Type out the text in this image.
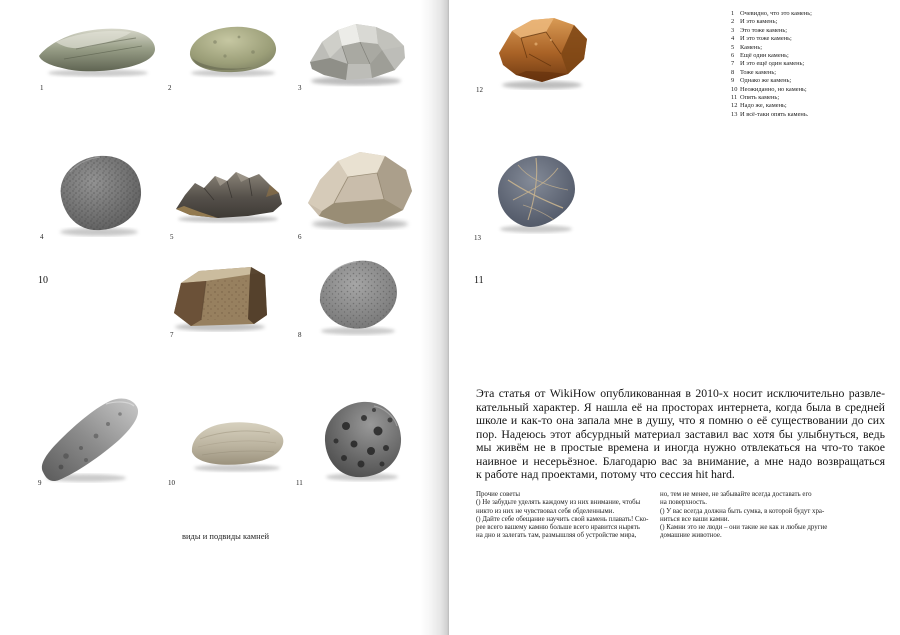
1	2	3
4	5	6
7	8
9	10	11
10
виды и подвиды камней
12
13
1 Очевидно, что это камень;
2 И это камень;
3 Это тоже камень;
4 И это тоже камень;
5 Камень;
6 Ещё один камень;
7 И это ещё один камень;
8 Тоже камень;
9 Однако же камень;
10 Неожиданно, но камень;
11 Опять камень;
12 Надо же, камень;
13 И всё-таки опять камень.
11
Эта статья от WikiHow опубликованная в 2010-х носит исключительно развле-
кательный характер. Я нашла её на просторах интернета, когда была в средней
школе и как-то она запала мне в душу, что я помню о её существовании до сих
пор. Надеюсь этот абсурдный материал заставил вас хотя бы улыбнуться, ведь
мы живём не в простые времена и иногда нужно отвлекаться на что-то такое
наивное и несерьёзное. Благодарю вас за внимание, а мне надо возвращаться
к работе над проектами, потому что сессия hit hard.
Прочие советы
() Не забудьте уделять каждому из них внимание, чтобы
никто из них не чувствовал себя обделенными.
() Дайте себе обещание научить свой камень плавать! Ско-
рее всего вашему камню больше всего нравится нырять
на дно и залегать там, размышляя об устройстве мира,
но, тем не менее, не забывайте всегда доставать его
на поверхность.
() У вас всегда должна быть сумка, в которой будут хра-
ниться все ваши камни.
() Камни это не люди – они такие же как и любые другие
домашние животное.
